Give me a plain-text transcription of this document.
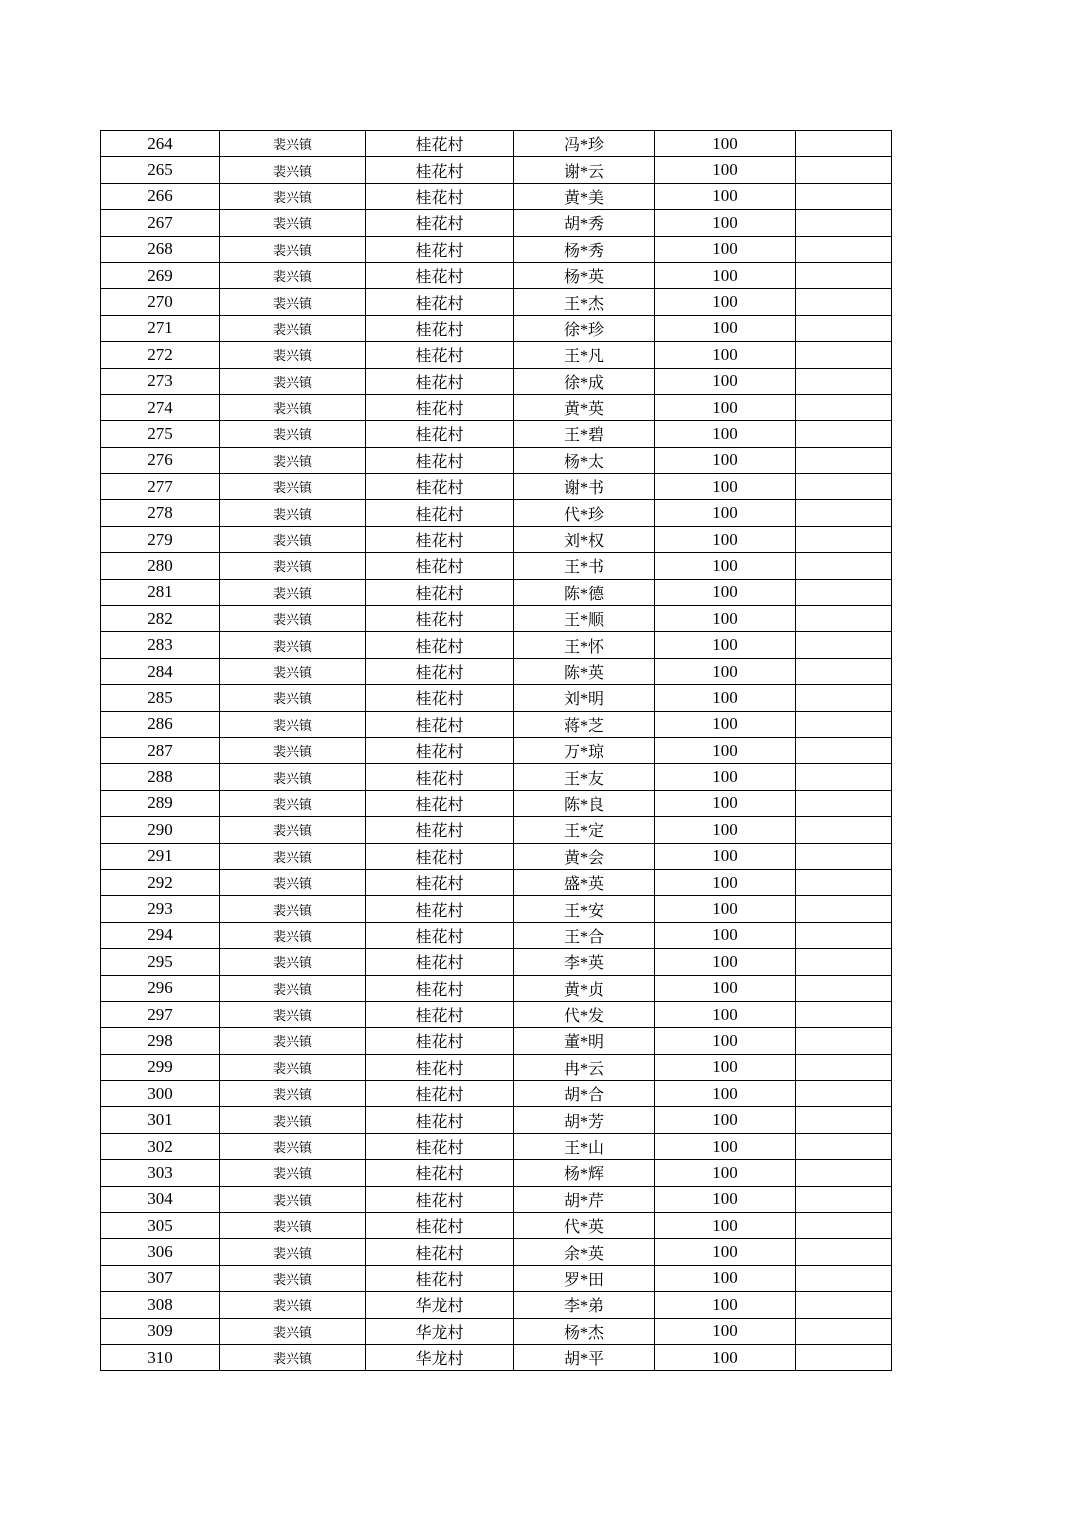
264	裴兴镇	桂花村	冯*珍	100	
265	裴兴镇	桂花村	谢*云	100	
266	裴兴镇	桂花村	黄*美	100	
267	裴兴镇	桂花村	胡*秀	100	
268	裴兴镇	桂花村	杨*秀	100	
269	裴兴镇	桂花村	杨*英	100	
270	裴兴镇	桂花村	王*杰	100	
271	裴兴镇	桂花村	徐*珍	100	
272	裴兴镇	桂花村	王*凡	100	
273	裴兴镇	桂花村	徐*成	100	
274	裴兴镇	桂花村	黄*英	100	
275	裴兴镇	桂花村	王*碧	100	
276	裴兴镇	桂花村	杨*太	100	
277	裴兴镇	桂花村	谢*书	100	
278	裴兴镇	桂花村	代*珍	100	
279	裴兴镇	桂花村	刘*权	100	
280	裴兴镇	桂花村	王*书	100	
281	裴兴镇	桂花村	陈*德	100	
282	裴兴镇	桂花村	王*顺	100	
283	裴兴镇	桂花村	王*怀	100	
284	裴兴镇	桂花村	陈*英	100	
285	裴兴镇	桂花村	刘*明	100	
286	裴兴镇	桂花村	蒋*芝	100	
287	裴兴镇	桂花村	万*琼	100	
288	裴兴镇	桂花村	王*友	100	
289	裴兴镇	桂花村	陈*良	100	
290	裴兴镇	桂花村	王*定	100	
291	裴兴镇	桂花村	黄*会	100	
292	裴兴镇	桂花村	盛*英	100	
293	裴兴镇	桂花村	王*安	100	
294	裴兴镇	桂花村	王*合	100	
295	裴兴镇	桂花村	李*英	100	
296	裴兴镇	桂花村	黄*贞	100	
297	裴兴镇	桂花村	代*发	100	
298	裴兴镇	桂花村	董*明	100	
299	裴兴镇	桂花村	冉*云	100	
300	裴兴镇	桂花村	胡*合	100	
301	裴兴镇	桂花村	胡*芳	100	
302	裴兴镇	桂花村	王*山	100	
303	裴兴镇	桂花村	杨*辉	100	
304	裴兴镇	桂花村	胡*芹	100	
305	裴兴镇	桂花村	代*英	100	
306	裴兴镇	桂花村	余*英	100	
307	裴兴镇	桂花村	罗*田	100	
308	裴兴镇	华龙村	李*弟	100	
309	裴兴镇	华龙村	杨*杰	100	
310	裴兴镇	华龙村	胡*平	100	
